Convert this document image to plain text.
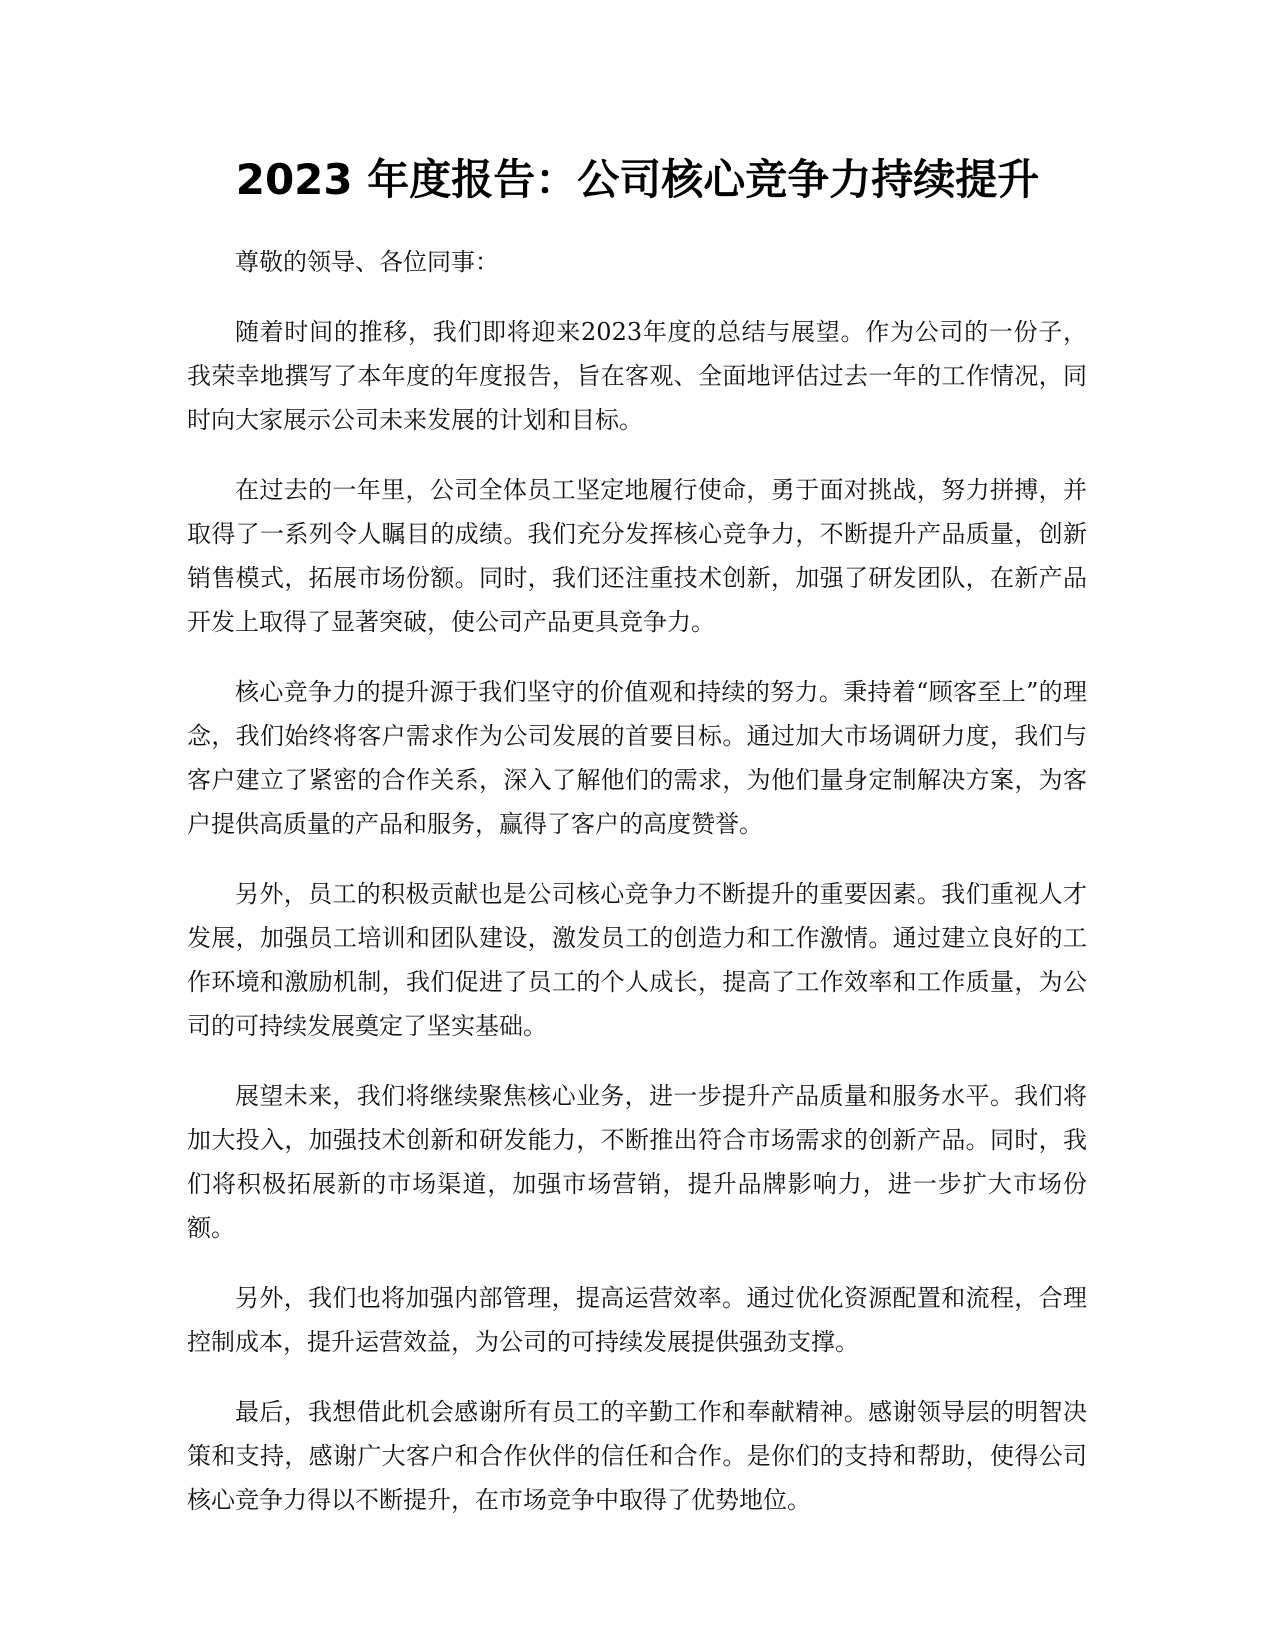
2023 年度报告：公司核心竞争力持续提升

尊敬的领导、各位同事：

随着时间的推移，我们即将迎来2023年度的总结与展望。作为公司的一份子，我荣幸地撰写了本年度的年度报告，旨在客观、全面地评估过去一年的工作情况，同时向大家展示公司未来发展的计划和目标。

在过去的一年里，公司全体员工坚定地履行使命，勇于面对挑战，努力拼搏，并取得了一系列令人瞩目的成绩。我们充分发挥核心竞争力，不断提升产品质量，创新销售模式，拓展市场份额。同时，我们还注重技术创新，加强了研发团队，在新产品开发上取得了显著突破，使公司产品更具竞争力。

核心竞争力的提升源于我们坚守的价值观和持续的努力。秉持着“顾客至上”的理念，我们始终将客户需求作为公司发展的首要目标。通过加大市场调研力度，我们与客户建立了紧密的合作关系，深入了解他们的需求，为他们量身定制解决方案，为客户提供高质量的产品和服务，赢得了客户的高度赞誉。

另外，员工的积极贡献也是公司核心竞争力不断提升的重要因素。我们重视人才发展，加强员工培训和团队建设，激发员工的创造力和工作激情。通过建立良好的工作环境和激励机制，我们促进了员工的个人成长，提高了工作效率和工作质量，为公司的可持续发展奠定了坚实基础。

展望未来，我们将继续聚焦核心业务，进一步提升产品质量和服务水平。我们将加大投入，加强技术创新和研发能力，不断推出符合市场需求的创新产品。同时，我们将积极拓展新的市场渠道，加强市场营销，提升品牌影响力，进一步扩大市场份额。

另外，我们也将加强内部管理，提高运营效率。通过优化资源配置和流程，合理控制成本，提升运营效益，为公司的可持续发展提供强劲支撑。

最后，我想借此机会感谢所有员工的辛勤工作和奉献精神。感谢领导层的明智决策和支持，感谢广大客户和合作伙伴的信任和合作。是你们的支持和帮助，使得公司核心竞争力得以不断提升，在市场竞争中取得了优势地位。
